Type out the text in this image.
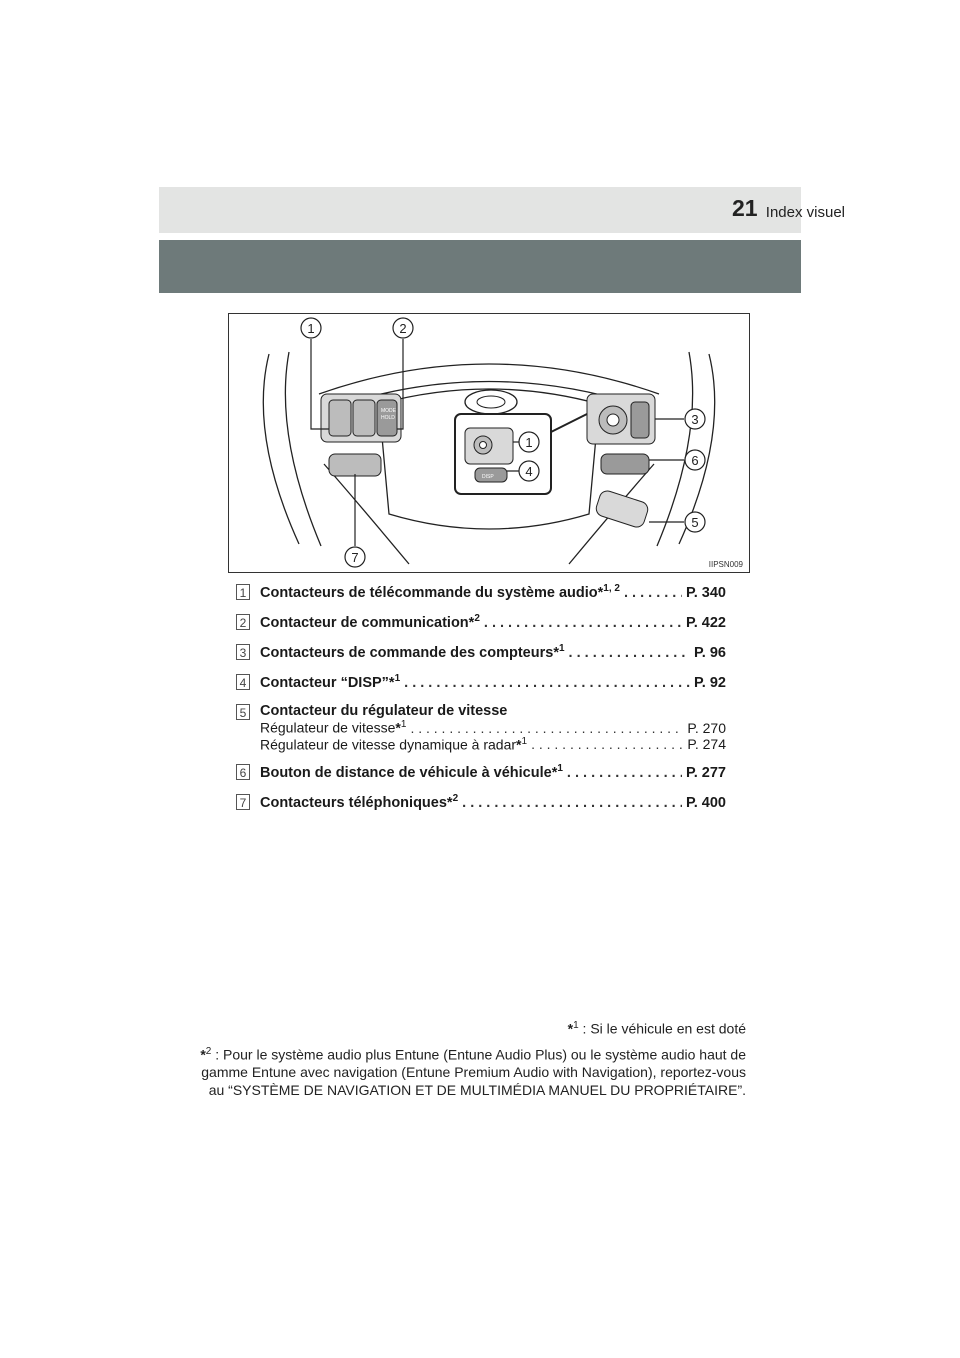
Index visuel
21
MODE
HOLD
DISP
1	2
3
6
5
7
1
4
IIPSN009
1 Contacteurs de télécommande du système audio*$^{1, 2}$ . . .	P. 340
2 Contacteur de communication*$^2$ . . .	P. 422
3 Contacteurs de commande des compteurs*$^1$ . . .	P. 96
4 Contacteur “DISP”*$^1$ . . .	P. 92
5 Contacteur du régulateur de vitesse
Régulateur de vitesse*$^1$ . . .	P. 270
Régulateur de vitesse dynamique à radar*$^1$ . . .	P. 274
6 Bouton de distance de véhicule à véhicule*$^1$ . . .	P. 277
7 Contacteurs téléphoniques*$^2$ . . .	P. 400
*$^1$ : Si le véhicule en est doté
*$^2$ : Pour le système audio plus Entune (Entune Audio Plus) ou le système audio haut de gamme Entune avec navigation (Entune Premium Audio with Navigation), reportez-vous au “SYSTÈME DE NAVIGATION ET DE MULTIMÉDIA MANUEL DU PROPRIÉTAIRE”.
